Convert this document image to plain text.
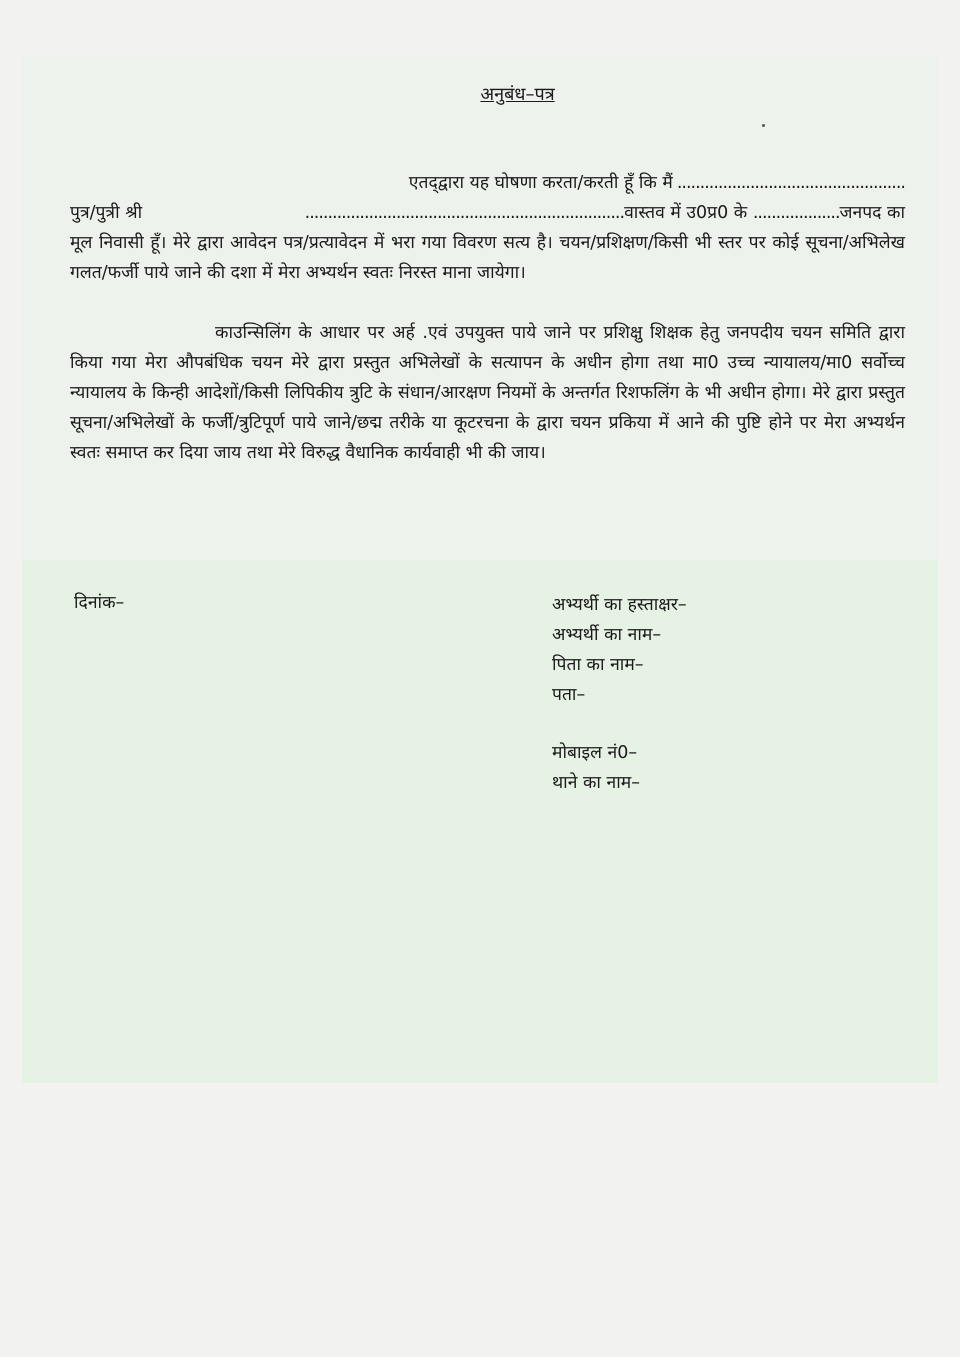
अनुबंध–पत्र
एतद्‌द्वारा यह घोषणा करता/करती हूँ कि मैं ..................................................
पुत्र/पुत्री श्री	......................................................................वास्तव में उ0प्र0 के ...................जनपद का

मूल निवासी हूँ। मेरे द्वारा आवेदन पत्र/प्रत्यावेदन में भरा गया विवरण सत्य है। चयन/प्रशिक्षण/किसी भी स्तर पर कोई सूचना/अभिलेख गलत/फर्जी पाये जाने की दशा में मेरा अभ्यर्थन स्वतः निरस्त माना जायेगा।

काउन्सिलिंग के आधार पर अर्ह .एवं उपयुक्त पाये जाने पर प्रशिक्षु शिक्षक हेतु जनपदीय चयन समिति द्वारा किया गया मेरा औपबंधिक चयन मेरे द्वारा प्रस्तुत अभिलेखों के सत्यापन के अधीन होगा तथा मा0 उच्च न्यायालय/मा0 सर्वोच्च न्यायालय के किन्ही आदेशों/किसी लिपिकीय त्रुटि के संधान/आरक्षण नियमों के अन्तर्गत रिशफलिंग के भी अधीन होगा। मेरे द्वारा प्रस्तुत सूचना/अभिलेखों के फर्जी/त्रुटिपूर्ण पाये जाने/छद्म तरीके या कूटरचना के द्वारा चयन प्रकिया में आने की पुष्टि होने पर मेरा अभ्यर्थन स्वतः समाप्त कर दिया जाय तथा मेरे विरुद्ध वैधानिक कार्यवाही भी की जाय।

दिनांक–	अभ्यर्थी का हस्ताक्षर–
अभ्यर्थी का नाम–
पिता का नाम–
पता–
मोबाइल नं0–
थाने का नाम–
